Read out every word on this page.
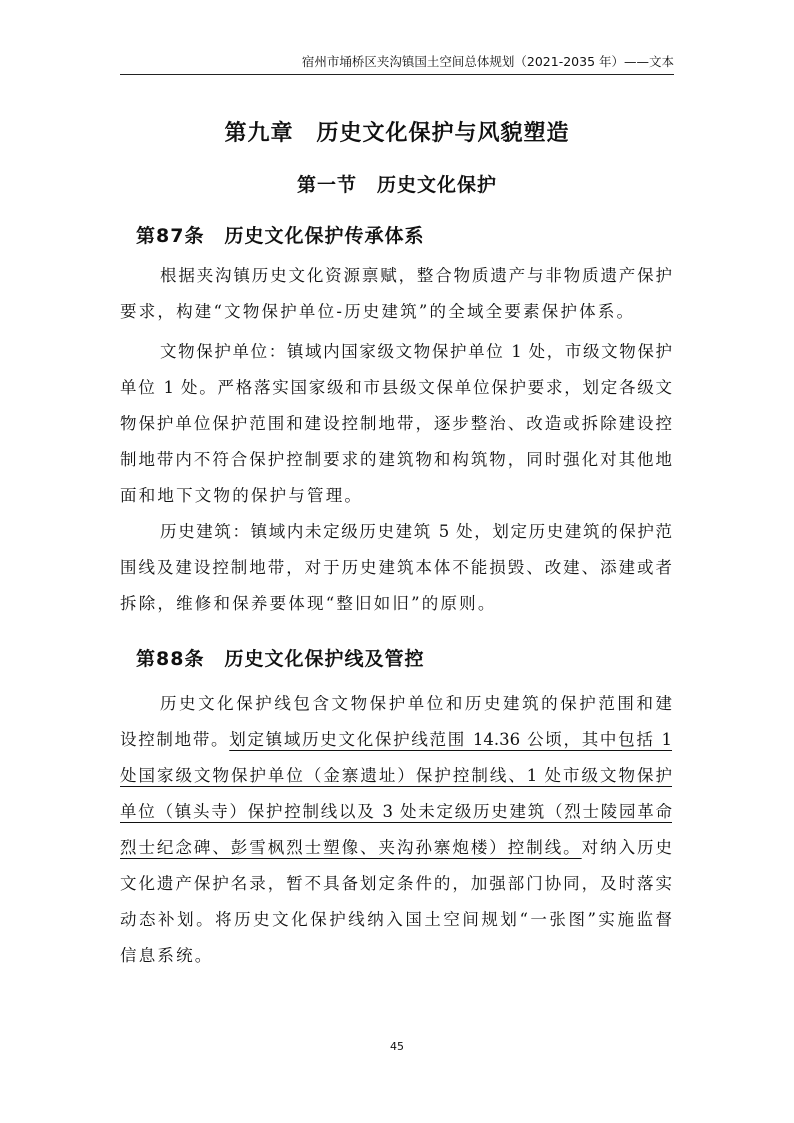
宿州市埇桥区夹沟镇国土空间总体规划（2021-2035 年）——文本
第九章　历史文化保护与风貌塑造
第一节　历史文化保护
第87条　历史文化保护传承体系
根据夹沟镇历史文化资源禀赋，整合物质遗产与非物质遗产保护
要求，构建“文物保护单位-历史建筑”的全域全要素保护体系。
文物保护单位：镇域内国家级文物保护单位 1 处，市级文物保护
单位 1 处。严格落实国家级和市县级文保单位保护要求，划定各级文
物保护单位保护范围和建设控制地带，逐步整治、改造或拆除建设控
制地带内不符合保护控制要求的建筑物和构筑物，同时强化对其他地
面和地下文物的保护与管理。
历史建筑：镇域内未定级历史建筑 5 处，划定历史建筑的保护范
围线及建设控制地带，对于历史建筑本体不能损毁、改建、添建或者
拆除，维修和保养要体现“整旧如旧”的原则。
第88条　历史文化保护线及管控
历史文化保护线包含文物保护单位和历史建筑的保护范围和建
设控制地带。划定镇域历史文化保护线范围 14.36 公顷，其中包括 1
处国家级文物保护单位（金寨遗址）保护控制线、1 处市级文物保护
单位（镇头寺）保护控制线以及 3 处未定级历史建筑（烈士陵园革命
烈士纪念碑、彭雪枫烈士塑像、夹沟孙寨炮楼）控制线。对纳入历史
文化遗产保护名录，暂不具备划定条件的，加强部门协同，及时落实
动态补划。将历史文化保护线纳入国土空间规划“一张图”实施监督
信息系统。
45
